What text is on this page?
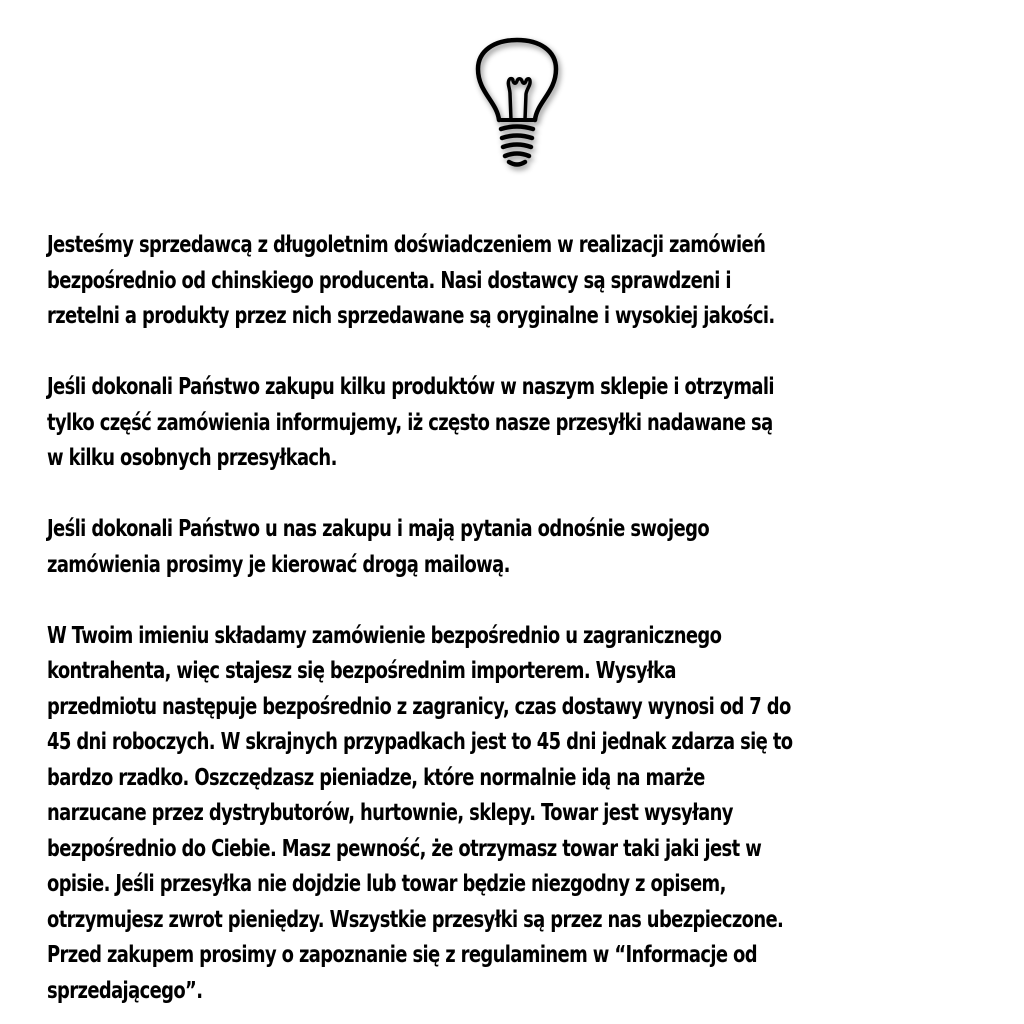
Jesteśmy sprzedawcą z długoletnim doświadczeniem w realizacji zamówień
bezpośrednio od chinskiego producenta. Nasi dostawcy są sprawdzeni i
rzetelni a produkty przez nich sprzedawane są oryginalne i wysokiej jakości.

Jeśli dokonali Państwo zakupu kilku produktów w naszym sklepie i otrzymali
tylko część zamówienia informujemy, iż często nasze przesyłki nadawane są
w kilku osobnych przesyłkach.

Jeśli dokonali Państwo u nas zakupu i mają pytania odnośnie swojego
zamówienia prosimy je kierować drogą mailową.

W Twoim imieniu składamy zamówienie bezpośrednio u zagranicznego
kontrahenta, więc stajesz się bezpośrednim importerem. Wysyłka
przedmiotu następuje bezpośrednio z zagranicy, czas dostawy wynosi od 7 do
45 dni roboczych. W skrajnych przypadkach jest to 45 dni jednak zdarza się to
bardzo rzadko. Oszczędzasz pieniadze, które normalnie idą na marże
narzucane przez dystrybutorów, hurtownie, sklepy. Towar jest wysyłany
bezpośrednio do Ciebie. Masz pewność, że otrzymasz towar taki jaki jest w
opisie. Jeśli przesyłka nie dojdzie lub towar będzie niezgodny z opisem,
otrzymujesz zwrot pieniędzy. Wszystkie przesyłki są przez nas ubezpieczone.
Przed zakupem prosimy o zapoznanie się z regulaminem w “Informacje od
sprzedającego”.
